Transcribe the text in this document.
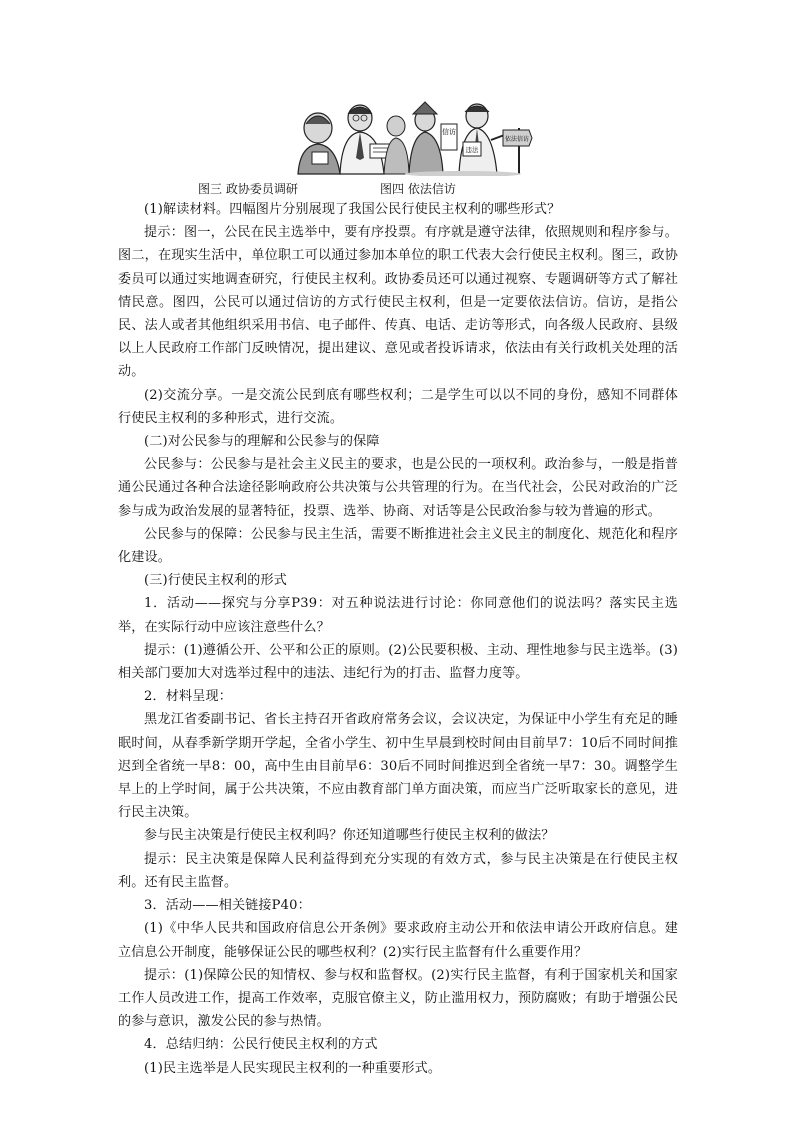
信访
违法
依法信访
图三 政协委员调研	图四 依法信访

(1)解读材料。四幅图片分别展现了我国公民行使民主权利的哪些形式？

提示：图一，公民在民主选举中，要有序投票。有序就是遵守法律，依照规则和程序参与。图二，在现实生活中，单位职工可以通过参加本单位的职工代表大会行使民主权利。图三，政协委员可以通过实地调查研究，行使民主权利。政协委员还可以通过视察、专题调研等方式了解社情民意。图四，公民可以通过信访的方式行使民主权利，但是一定要依法信访。信访，是指公民、法人或者其他组织采用书信、电子邮件、传真、电话、走访等形式，向各级人民政府、县级以上人民政府工作部门反映情况，提出建议、意见或者投诉请求，依法由有关行政机关处理的活动。

(2)交流分享。一是交流公民到底有哪些权利；二是学生可以以不同的身份，感知不同群体行使民主权利的多种形式，进行交流。

(二)对公民参与的理解和公民参与的保障

公民参与：公民参与是社会主义民主的要求，也是公民的一项权利。政治参与，一般是指普通公民通过各种合法途径影响政府公共决策与公共管理的行为。在当代社会，公民对政治的广泛参与成为政治发展的显著特征，投票、选举、协商、对话等是公民政治参与较为普遍的形式。

公民参与的保障：公民参与民主生活，需要不断推进社会主义民主的制度化、规范化和程序化建设。

(三)行使民主权利的形式

1．活动——探究与分享P39：对五种说法进行讨论：你同意他们的说法吗？落实民主选举，在实际行动中应该注意些什么？

提示：(1)遵循公开、公平和公正的原则。(2)公民要积极、主动、理性地参与民主选举。(3)相关部门要加大对选举过程中的违法、违纪行为的打击、监督力度等。

2．材料呈现：

黑龙江省委副书记、省长主持召开省政府常务会议，会议决定，为保证中小学生有充足的睡眠时间，从春季新学期开学起，全省小学生、初中生早晨到校时间由目前早7：10后不同时间推迟到全省统一早8：00，高中生由目前早6：30后不同时间推迟到全省统一早7：30。调整学生早上的上学时间，属于公共决策，不应由教育部门单方面决策，而应当广泛听取家长的意见，进行民主决策。

参与民主决策是行使民主权利吗？你还知道哪些行使民主权利的做法？

提示：民主决策是保障人民利益得到充分实现的有效方式，参与民主决策是在行使民主权利。还有民主监督。

3．活动——相关链接P40：

(1)《中华人民共和国政府信息公开条例》要求政府主动公开和依法申请公开政府信息。建立信息公开制度，能够保证公民的哪些权利？(2)实行民主监督有什么重要作用？

提示：(1)保障公民的知情权、参与权和监督权。(2)实行民主监督，有利于国家机关和国家工作人员改进工作，提高工作效率，克服官僚主义，防止滥用权力，预防腐败；有助于增强公民的参与意识，激发公民的参与热情。

4．总结归纳：公民行使民主权利的方式

(1)民主选举是人民实现民主权利的一种重要形式。
